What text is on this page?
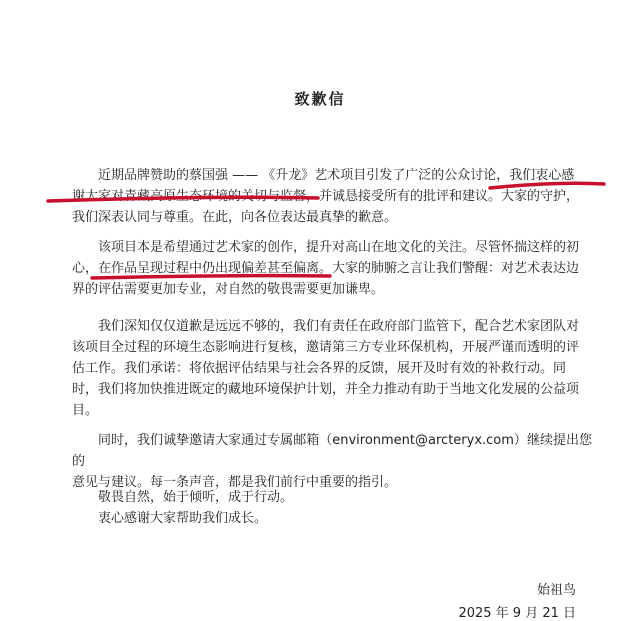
致歉信
近期品牌赞助的蔡国强 —— 《升龙》艺术项目引发了广泛的公众讨论，我们衷心感
谢大家对青藏高原生态环境的关切与监督，并诚恳接受所有的批评和建议。大家的守护，
我们深表认同与尊重。在此，向各位表达最真挚的歉意。
该项目本是希望通过艺术家的创作，提升对高山在地文化的关注。尽管怀揣这样的初
心，在作品呈现过程中仍出现偏差甚至偏离。大家的肺腑之言让我们警醒：对艺术表达边
界的评估需要更加专业，对自然的敬畏需要更加谦卑。
我们深知仅仅道歉是远远不够的，我们有责任在政府部门监管下，配合艺术家团队对
该项目全过程的环境生态影响进行复核，邀请第三方专业环保机构，开展严谨而透明的评
估工作。我们承诺：将依据评估结果与社会各界的反馈，展开及时有效的补救行动。同
时，我们将加快推进既定的藏地环境保护计划，并全力推动有助于当地文化发展的公益项
目。
同时，我们诚挚邀请大家通过专属邮箱（environment@arcteryx.com）继续提出您的
意见与建议。每一条声音，都是我们前行中重要的指引。
敬畏自然，始于倾听，成于行动。
衷心感谢大家帮助我们成长。
始祖鸟
2025 年 9 月 21 日
